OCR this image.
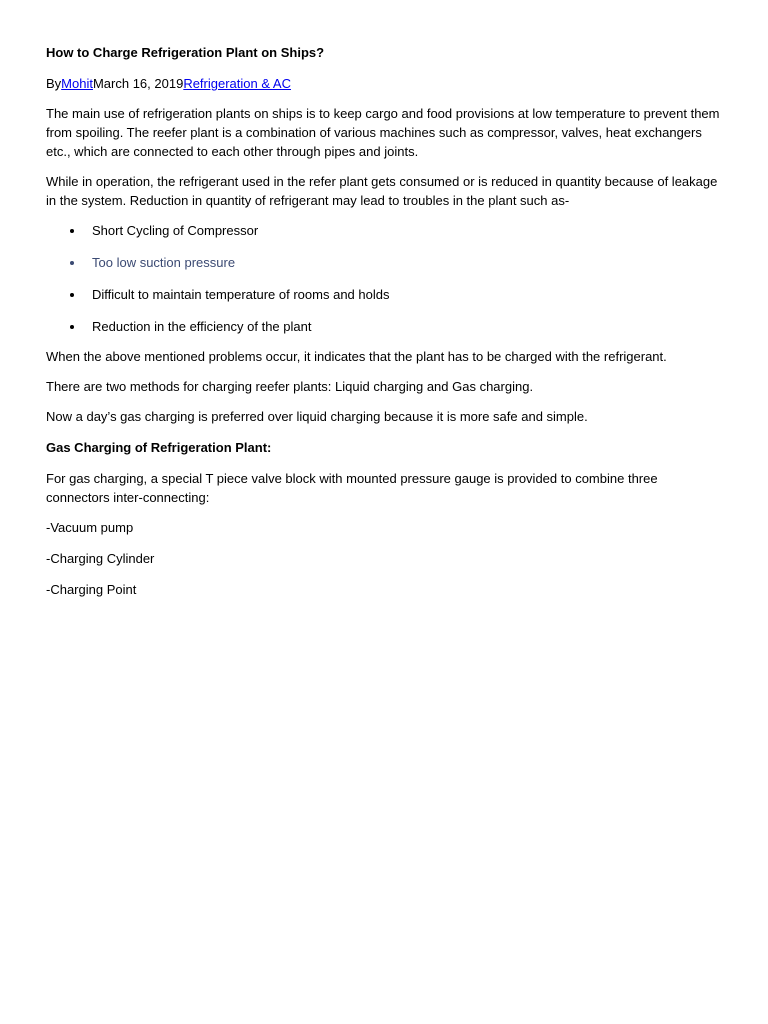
How to Charge Refrigeration Plant on Ships?

ByMohitMarch 16, 2019Refrigeration & AC

The main use of refrigeration plants on ships is to keep cargo and food provisions at low temperature to prevent them from spoiling. The reefer plant is a combination of various machines such as compressor, valves, heat exchangers etc., which are connected to each other through pipes and joints.

While in operation, the refrigerant used in the refer plant gets consumed or is reduced in quantity because of leakage in the system. Reduction in quantity of refrigerant may lead to troubles in the plant such as-

Short Cycling of Compressor
Too low suction pressure
Difficult to maintain temperature of rooms and holds
Reduction in the efficiency of the plant

When the above mentioned problems occur, it indicates that the plant has to be charged with the refrigerant.

There are two methods for charging reefer plants: Liquid charging and Gas charging.

Now a day’s gas charging is preferred over liquid charging because it is more safe and simple.

Gas Charging of Refrigeration Plant:

For gas charging, a special T piece valve block with mounted pressure gauge is provided to combine three connectors inter-connecting:

-Vacuum pump

-Charging Cylinder

-Charging Point
